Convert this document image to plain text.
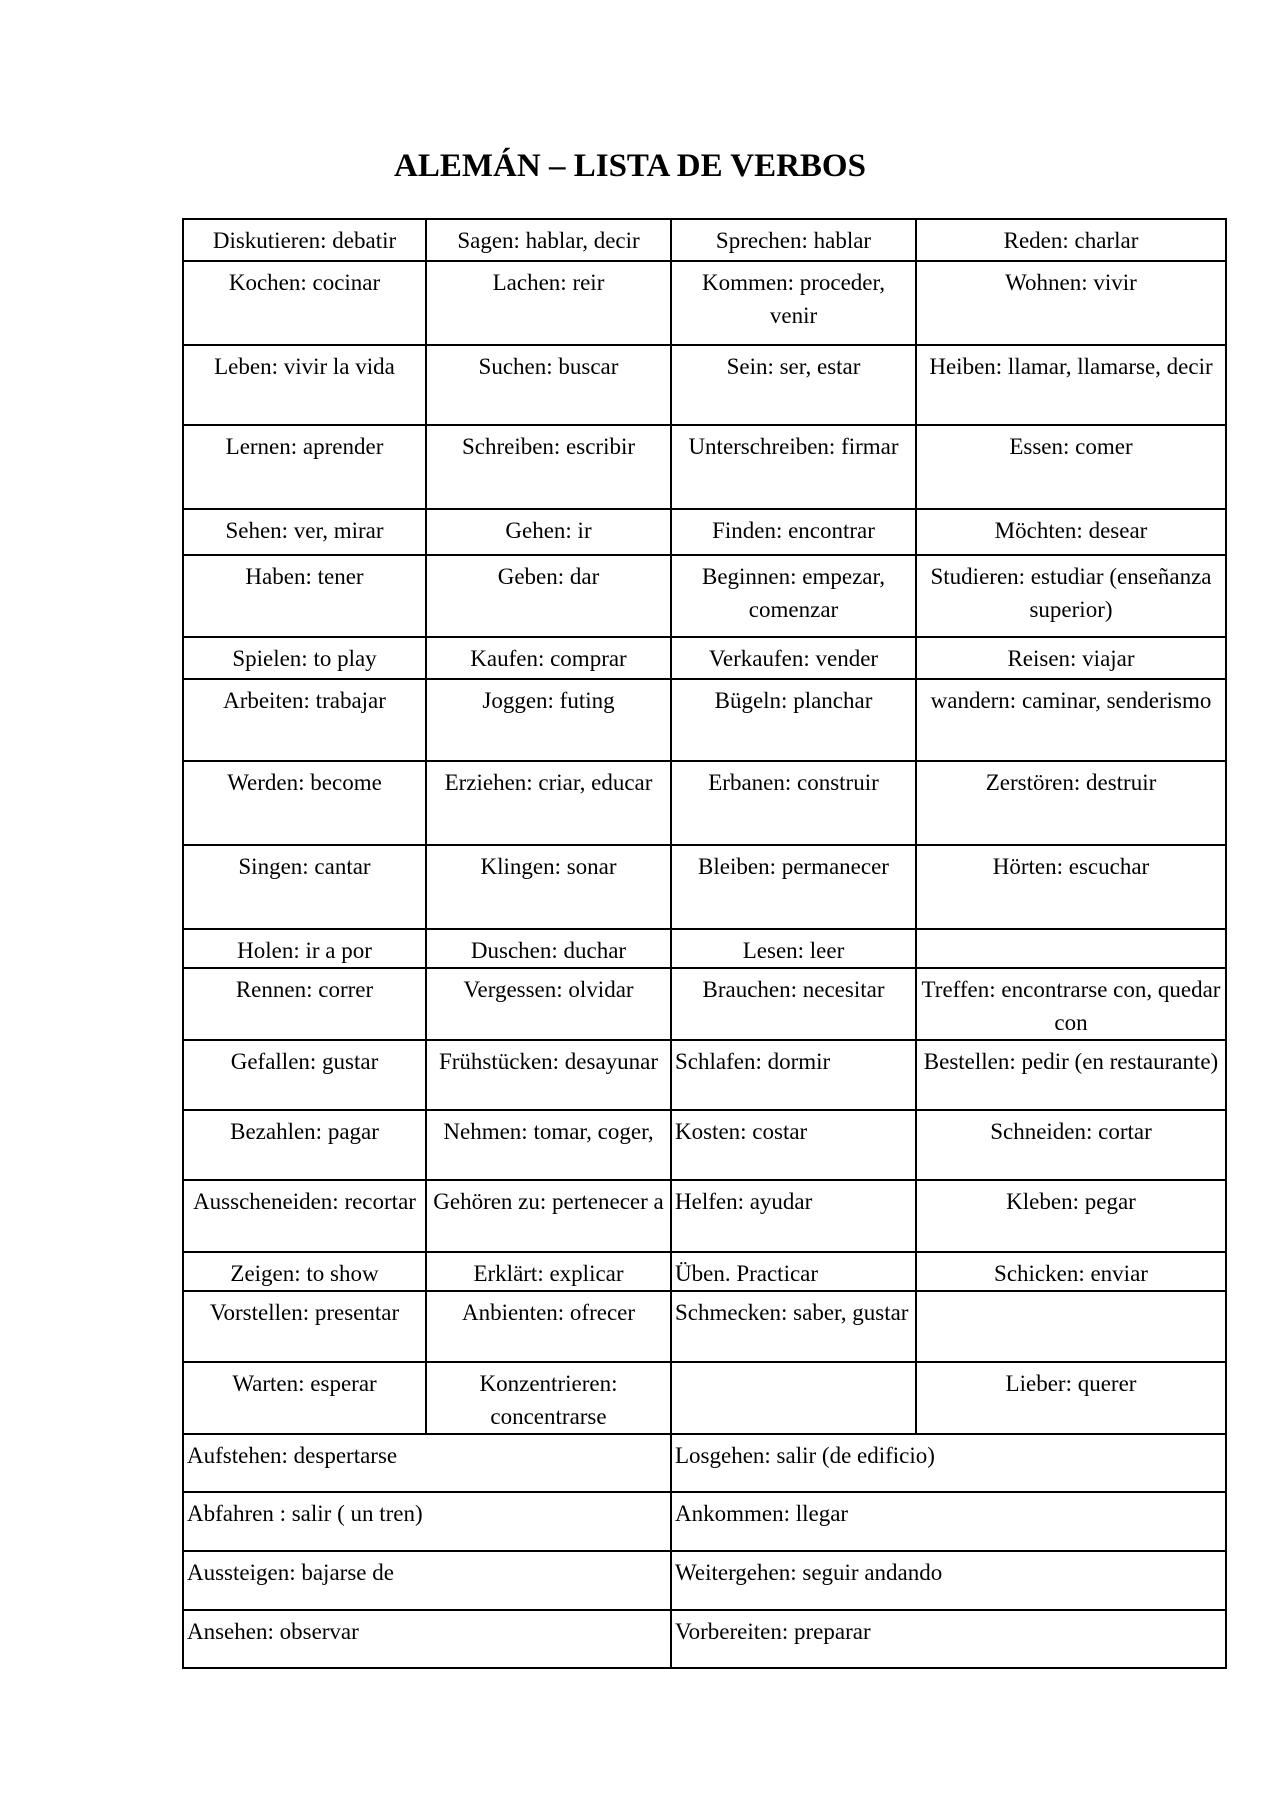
ALEMÁN – LISTA DE VERBOS
Diskutieren: debatir	Sagen: hablar, decir	Sprechen: hablar	Reden: charlar
Kochen: cocinar	Lachen: reir	Kommen: proceder, venir	Wohnen: vivir
Leben: vivir la vida	Suchen: buscar	Sein: ser, estar	Heiben: llamar, llamarse, decir
Lernen: aprender	Schreiben: escribir	Unterschreiben: firmar	Essen: comer
Sehen: ver, mirar	Gehen: ir	Finden: encontrar	Möchten: desear
Haben: tener	Geben: dar	Beginnen: empezar, comenzar	Studieren: estudiar (enseñanza superior)
Spielen: to play	Kaufen: comprar	Verkaufen: vender	Reisen: viajar
Arbeiten: trabajar	Joggen: futing	Bügeln: planchar	wandern: caminar, senderismo
Werden: become	Erziehen: criar, educar	Erbanen: construir	Zerstören: destruir
Singen: cantar	Klingen: sonar	Bleiben: permanecer	Hörten: escuchar
Holen: ir a por	Duschen: duchar	Lesen: leer	
Rennen: correr	Vergessen: olvidar	Brauchen: necesitar	Treffen: encontrarse con, quedar con
Gefallen: gustar	Frühstücken: desayunar	Schlafen: dormir	Bestellen: pedir (en restaurante)
Bezahlen: pagar	Nehmen: tomar, coger,	Kosten: costar	Schneiden: cortar
Ausscheneiden: recortar	Gehören zu: pertenecer a	Helfen: ayudar	Kleben: pegar
Zeigen: to show	Erklärt: explicar	Üben. Practicar	Schicken: enviar
Vorstellen: presentar	Anbienten: ofrecer	Schmecken: saber, gustar	
Warten: esperar	Konzentrieren: concentrarse		Lieber: querer
Aufstehen: despertarse		Losgehen: salir (de edificio)	
Abfahren : salir ( un tren)		Ankommen: llegar	
Aussteigen: bajarse de		Weitergehen: seguir andando	
Ansehen: observar		Vorbereiten: preparar	
